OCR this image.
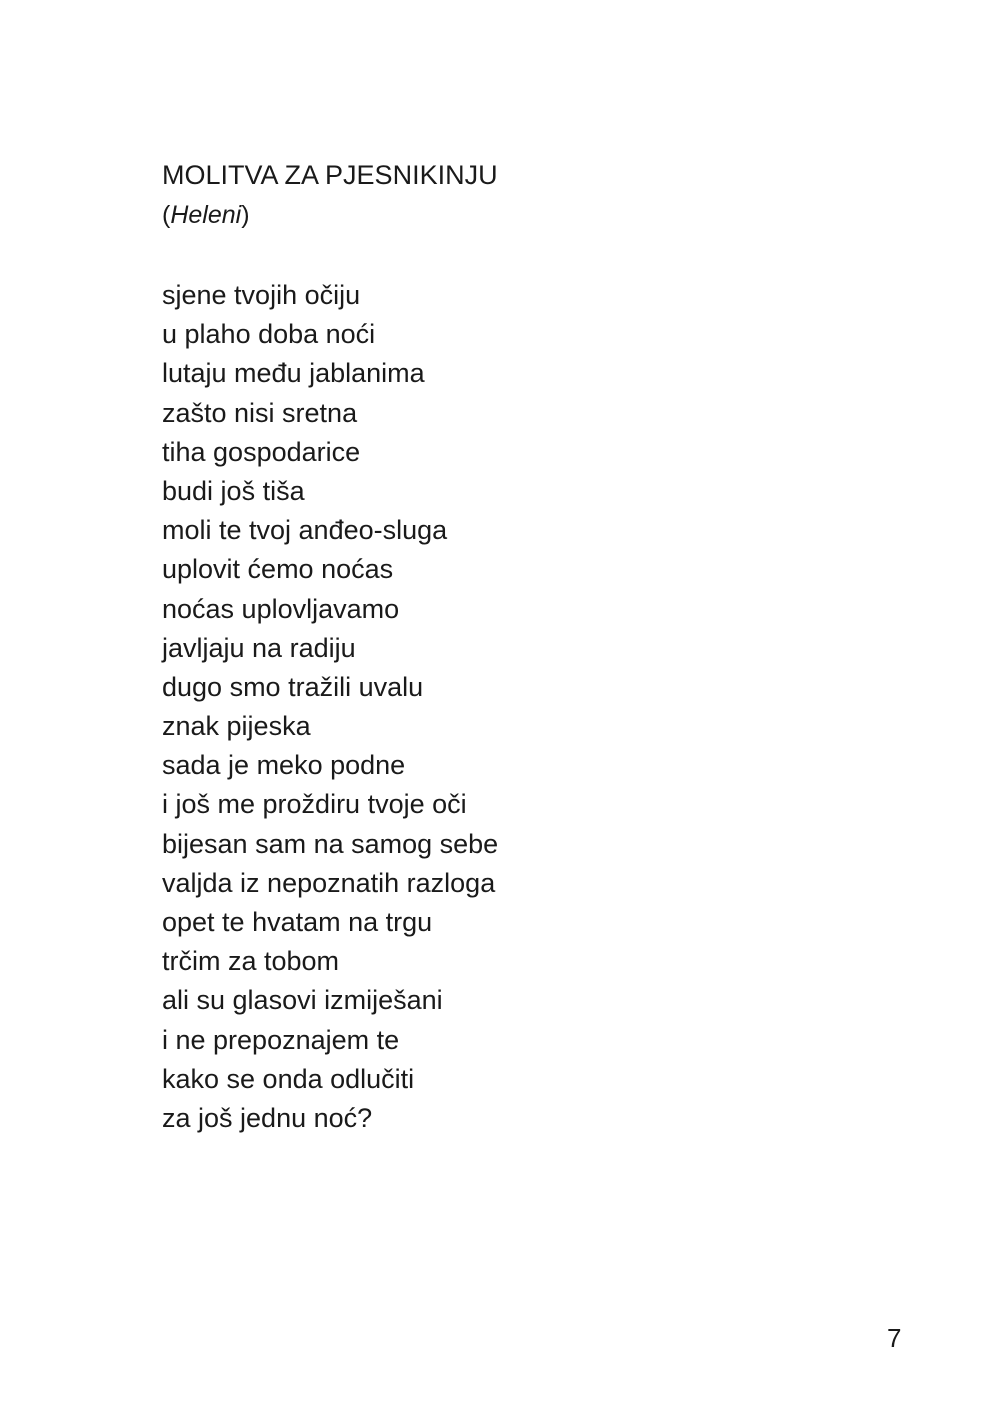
MOLITVA ZA PJESNIKINJU
(Heleni)
sjene tvojih očiju
u plaho doba noći
lutaju među jablanima
zašto nisi sretna
tiha gospodarice
budi još tiša
moli te tvoj anđeo-sluga
uplovit ćemo noćas
noćas uplovljavamo
javljaju na radiju
dugo smo tražili uvalu
znak pijeska
sada je meko podne
i još me proždiru tvoje oči
bijesan sam na samog sebe
valjda iz nepoznatih razloga
opet te hvatam na trgu
trčim za tobom
ali su glasovi izmiješani
i ne prepoznajem te
kako se onda odlučiti
za još jednu noć?
7
